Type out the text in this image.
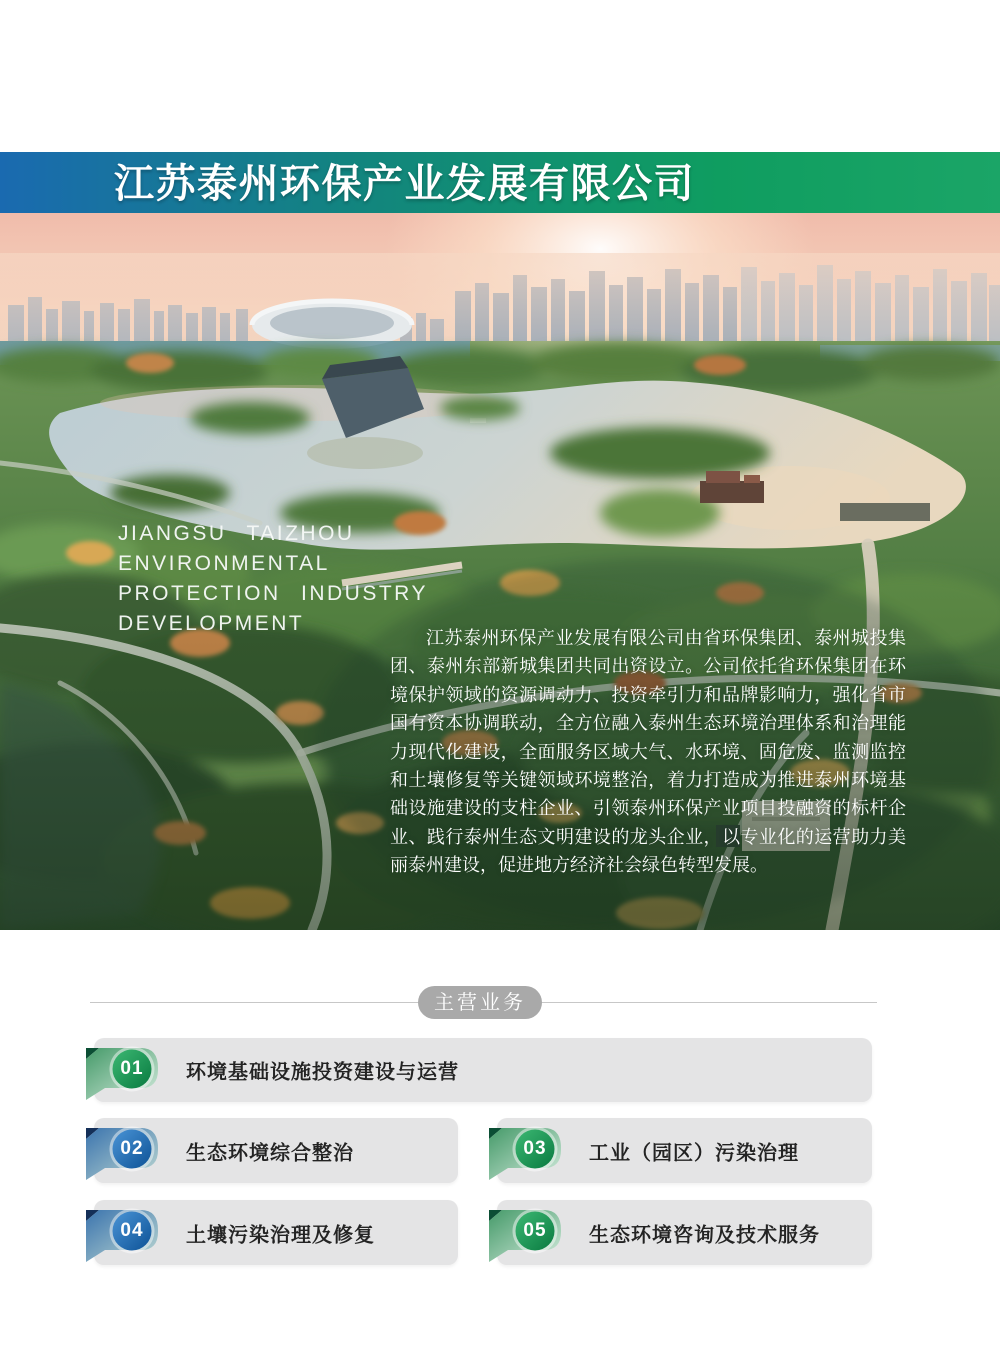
江苏泰州环保产业发展有限公司
JIANGSU TAIZHOU
ENVIRONMENTAL
PROTECTION INDUSTRY
DEVELOPMENT

江苏泰州环保产业发展有限公司由省环保集团、泰州城投集团、泰州东部新城集团共同出资设立。公司依托省环保集团在环境保护领域的资源调动力、投资牵引力和品牌影响力，强化省市国有资本协调联动，全方位融入泰州生态环境治理体系和治理能力现代化建设，全面服务区域大气、水环境、固危废、监测监控和土壤修复等关键领域环境整治，着力打造成为推进泰州环境基础设施建设的支柱企业、引领泰州环保产业项目投融资的标杆企业、践行泰州生态文明建设的龙头企业，以专业化的运营助力美丽泰州建设，促进地方经济社会绿色转型发展。

主营业务
01	环境基础设施投资建设与运营
02	生态环境综合整治	03	工业（园区）污染治理
04	土壤污染治理及修复	05	生态环境咨询及技术服务
